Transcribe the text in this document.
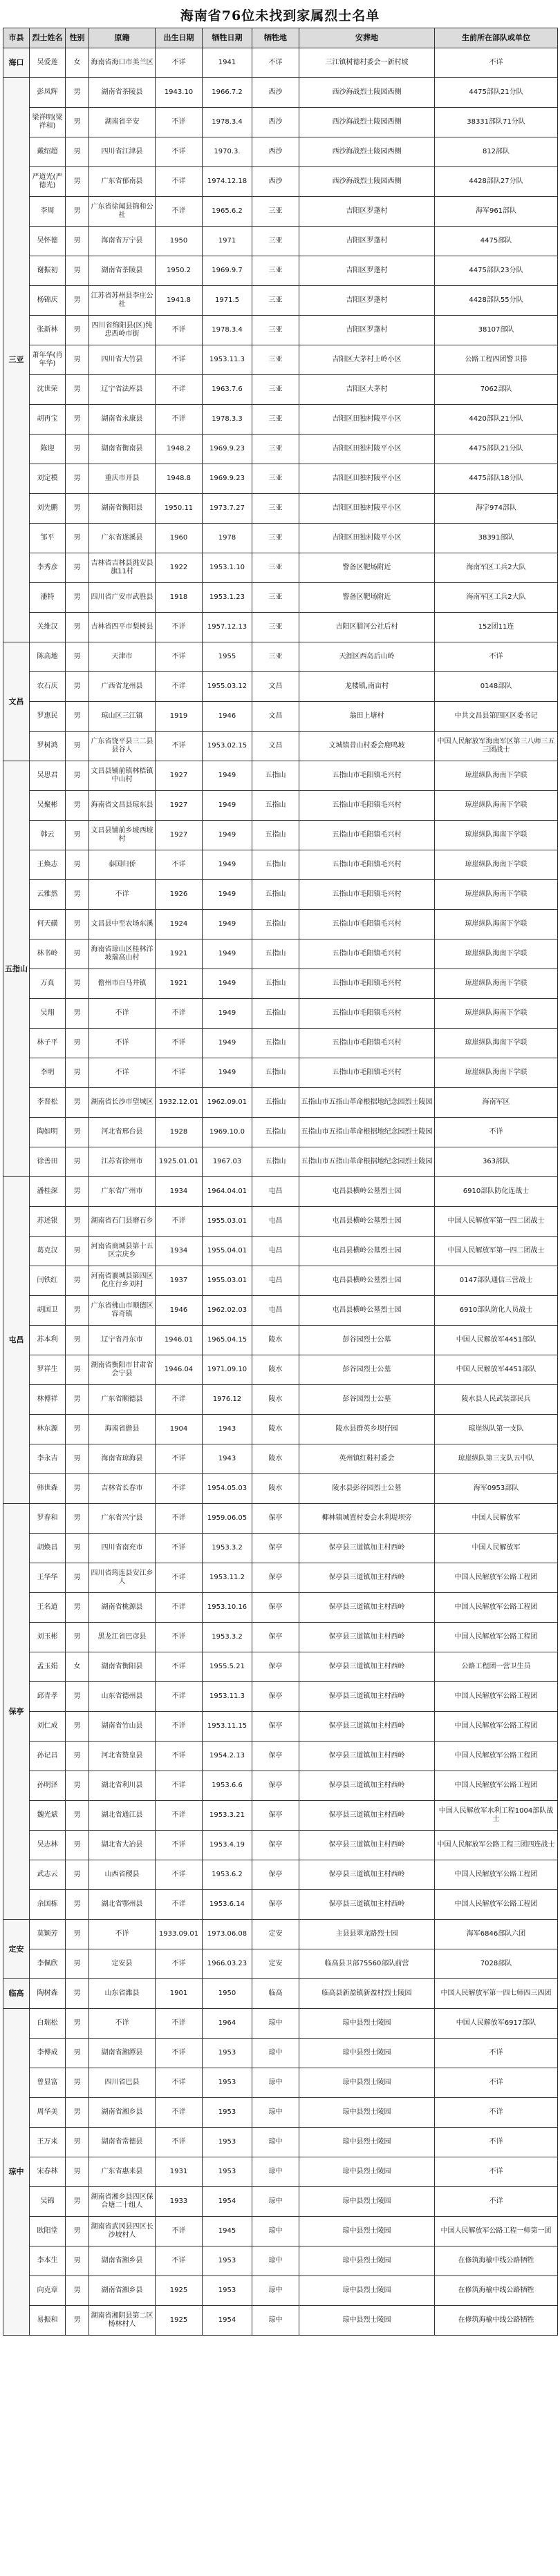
海南省76位未找到家属烈士名单
市县	烈士姓名	性别	原籍	出生日期	牺牲日期	牺牲地	安葬地	生前所在部队或单位
海口	吴爱莲	女	海南省海口市美兰区	不详	1941	不详	三江镇树德村委会一新村坡	不详
三亚	彭凤辉	男	湖南省茶陵县	1943.10	1966.7.2	西沙	西沙海战烈士陵园西侧	4475部队21分队
	梁祥明(梁祥和)	男	湖南省辛安	不详	1978.3.4	西沙	西沙海战烈士陵园西侧	38331部队71分队
	戴绍超	男	四川省江津县	不详	1970.3.	西沙	西沙海战烈士陵园西侧	812部队
	严道光(严德光)	男	广东省郁南县	不详	1974.12.18	西沙	西沙海战烈士陵园西侧	4428部队27分队
	李周	男	广东省徐闻县锦和公社	不详	1965.6.2	三亚	吉阳区罗蓬村	海军961部队
	吴怀德	男	海南省万宁县	1950	1971	三亚	吉阳区罗蓬村	4475部队
	谢振初	男	湖南省茶陵县	1950.2	1969.9.7	三亚	吉阳区罗蓬村	4475部队23分队
	杨锦庆	男	江苏省苏州县李庄公社	1941.8	1971.5	三亚	吉阳区罗蓬村	4428部队55分队
	张新林	男	四川省绵阳县(区)纯忠西岭市街	不详	1978.3.4	三亚	吉阳区罗蓬村	38107部队
	萧年华(肖年华)	男	四川省大竹县	不详	1953.11.3	三亚	吉阳区大茅村上岭小区	公路工程四团警卫排
	沈世荣	男	辽宁省法库县	不详	1963.7.6	三亚	吉阳区大茅村	7062部队
	胡再宝	男	湖南省永康县	不详	1978.3.3	三亚	吉阳区田独村陵平小区	4420部队21分队
	陈迎	男	湖南省衡南县	1948.2	1969.9.23	三亚	吉阳区田独村陵平小区	4475部队21分队
	刘定模	男	重庆市开县	1948.8	1969.9.23	三亚	吉阳区田独村陵平小区	4475部队18分队
	刘先鹏	男	湖南省衡阳县	1950.11	1973.7.27	三亚	吉阳区田独村陵平小区	海字974部队
	邹平	男	广东省遂溪县	1960	1978	三亚	吉阳区田独村陵平小区	38391部队
	李秀彦	男	吉林省吉林县洮安县旗11村	1922	1953.1.10	三亚	警备区靶场附近	海南军区工兵2大队
	潘特	男	四川省广安市武胜县	1918	1953.1.23	三亚	警备区靶场附近	海南军区工兵2大队
	关维汉	男	吉林省四平市梨树县	不详	1957.12.13	三亚	吉阳区腊河公社后村	152团11连
文昌	陈高地	男	天津市	不详	1955	三亚	天涯区西岛后山岭	不详
	农石庆	男	广西省龙州县	不详	1955.03.12	文昌	龙楼镇,南亩村	0148部队
	罗惠民	男	琼山区三江镇	1919	1946	文昌	翁田上塘村	中共文昌县第四区区委书记
	罗树鸿	男	广东省饶平县三二县县谷人	不详	1953.02.15	文昌	文城镇昔山村委会鹿鸣坡	中国人民解放军海南军区第三八师三五三团战士
五指山	吴思君	男	文昌县铺前镇林梧镇中山村	1927	1949	五指山	五指山市毛阳镇毛兴村	琼崖纵队海南下学联
	吴聚彬	男	海南省文昌县琼东县	1927	1949	五指山	五指山市毛阳镇毛兴村	琼崖纵队海南下学联
	韩云	男	文昌县铺前乡坡西坡村	1927	1949	五指山	五指山市毛阳镇毛兴村	琼崖纵队海南下学联
	王焕志	男	泰国归侨	不详	1949	五指山	五指山市毛阳镇毛兴村	琼崖纵队海南下学联
	云雅然	男	不详	1926	1949	五指山	五指山市毛阳镇毛兴村	琼崖纵队海南下学联
	何天磺	男	文昌县中至农场东溪	1924	1949	五指山	五指山市毛阳镇毛兴村	琼崖纵队海南下学联
	林书岭	男	海南省琼山区桂林洋坡瑞高山村	1921	1949	五指山	五指山市毛阳镇毛兴村	琼崖纵队海南下学联
	万真	男	儋州市白马井镇	1921	1949	五指山	五指山市毛阳镇毛兴村	琼崖纵队海南下学联
	吴翔	男	不详	不详	1949	五指山	五指山市毛阳镇毛兴村	琼崖纵队海南下学联
	林子平	男	不详	不详	1949	五指山	五指山市毛阳镇毛兴村	琼崖纵队海南下学联
	李明	男	不详	不详	1949	五指山	五指山市毛阳镇毛兴村	琼崖纵队海南下学联
	李晋松	男	湖南省长沙市望城区	1932.12.01	1962.09.01	五指山	五指山市五指山革命根据地纪念园烈士陵园	海南军区
	陶如明	男	河北省邢台县	1928	1969.10.0	五指山	五指山市五指山革命根据地纪念园烈士陵园	不详
	徐善田	男	江苏省徐州市	1925.01.01	1967.03	五指山	五指山市五指山革命根据地纪念园烈士陵园	363部队
屯昌	潘桂深	男	广东省广州市	1934	1964.04.01	屯昌	屯昌县横岭公墓烈士园	6910部队防化连战士
	苏述银	男	湖南省石门县磨石乡	不详	1955.03.01	屯昌	屯昌县横岭公墓烈士园	中国人民解放军第一四二团战士
	葛克汉	男	河南省商城县第十五区宗庆乡	1934	1955.04.01	屯昌	屯昌县横岭公墓烈士园	中国人民解放军第一四二团战士
	闫铁红	男	河南省襄城县第四区化庄行乡刘村	1937	1955.03.01	屯昌	屯昌县横岭公墓烈士园	0147部队通信三营战士
	胡国卫	男	广东省佛山市顺德区容奇镇	1946	1962.02.03	屯昌	屯昌县横岭公墓烈士园	6910部队防化人员战士
	苏本利	男	辽宁省丹东市	1946.01	1965.04.15	陵水	彭谷园烈士公墓	中国人民解放军4451部队
	罗祥生	男	湖南省衡阳市甘肃省会宁县	1946.04	1971.09.10	陵水	彭谷园烈士公墓	中国人民解放军4451部队
	林傅祥	男	广东省顺德县	不详	1976.12	陵水	彭谷园烈士公墓	陵水县人民武装部民兵
	林东源	男	海南省儋县	1904	1943	陵水	陵水县群英乡坝仔园	琼崖纵队第一支队
	李永吉	男	海南省琼海县	不详	1943	陵水	英州镇红鞋村委会	琼崖纵队第三支队五中队
	韩世森	男	吉林省长春市	不详	1954.05.03	陵水	陵水县彭谷园烈士公墓	海军0953部队
保亭	罗春和	男	广东省兴宁县	不详	1959.06.05	保亭	椰林镇城置村委会水利堤坝旁	中国人民解放军
	胡焕昌	男	四川省南充市	不详	1953.3.2	保亭	保亭县三道镇加主村西岭	中国人民解放军
	王华华	男	四川省筠连县安江乡人	不详	1953.11.2	保亭	保亭县三道镇加主村西岭	中国人民解放军公路工程团
	王名道	男	湖南省桃源县	不详	1953.10.16	保亭	保亭县三道镇加主村西岭	中国人民解放军公路工程团
	刘玉彬	男	黑龙江省巴彦县	不详	1953.3.2	保亭	保亭县三道镇加主村西岭	中国人民解放军公路工程团
	孟玉娟	女	湖南省衡阳县	不详	1955.5.21	保亭	保亭县三道镇加主村西岭	公路工程团一营卫生员
	邱青孝	男	山东省德州县	不详	1953.11.3	保亭	保亭县三道镇加主村西岭	中国人民解放军公路工程团
	刘仁成	男	湖南省竹山县	不详	1953.11.15	保亭	保亭县三道镇加主村西岭	中国人民解放军公路工程团
	孙记昌	男	河北省赞皇县	不详	1954.2.13	保亭	保亭县三道镇加主村西岭	中国人民解放军公路工程团
	孙明泽	男	湖北省利川县	不详	1953.6.6	保亭	保亭县三道镇加主村西岭	中国人民解放军公路工程团
	魏光斌	男	湖北省通江县	不详	1953.3.21	保亭	保亭县三道镇加主村西岭	中国人民解放军水利工程1004部队战士
	吴志林	男	湖北省大冶县	不详	1953.4.19	保亭	保亭县三道镇加主村西岭	中国人民解放军公路工程三团四连战士
	武志云	男	山西省稷县	不详	1953.6.2	保亭	保亭县三道镇加主村西岭	中国人民解放军公路工程团
	余国栋	男	湖北省鄂州县	不详	1953.6.14	保亭	保亭县三道镇加主村西岭	中国人民解放军公路工程团
定安	莫颖芳	男	不详	1933.09.01	1973.06.08	定安	主县县翠龙路烈士园	海军6846部队六团
	李佩欣	男	定安县	不详	1966.03.23	定安	临高县卫部75560部队前营	7028部队
临高	陶树森	男	山东省潍县	1901	1950	临高	临高县新盈镇新盈村烈士陵园	中国人民解放军第一四七师四三四团
琼中	白瑞松	男	不详	不详	1964	琼中	琼中县烈士陵园	中国人民解放军6917部队
	李傅成	男	湖南省湘潭县	不详	1953	琼中	琼中县烈士陵园	不详
	曾显富	男	四川省巴县	不详	1953	琼中	琼中县烈士陵园	不详
	周华美	男	湖南省湘乡县	不详	1953	琼中	琼中县烈士陵园	不详
	王万来	男	湖南省常德县	不详	1953	琼中	琼中县烈士陵园	不详
	宋春林	男	广东省惠来县	1931	1953	琼中	琼中县烈士陵园	不详
	吴锦	男	湖南省湘乡县四区保合塘二十组人	1933	1954	琼中	琼中县烈士陵园	不详
	欧阳堂	男	湖南省武冈县四区长沙坡村人	不详	1945	琼中	琼中县烈士陵园	中国人民解放军公路工程一师第一团
	李本生	男	湖南省湘乡县	不详	1953	琼中	琼中县烈士陵园	在修筑海榆中线公路牺牲
	向克章	男	湖南省湘乡县	1925	1953	琼中	琼中县烈士陵园	在修筑海榆中线公路牺牲
	易振和	男	湖南省湘阴县第二区杨林村人	1925	1954	琼中	琼中县烈士陵园	在修筑海榆中线公路牺牲
